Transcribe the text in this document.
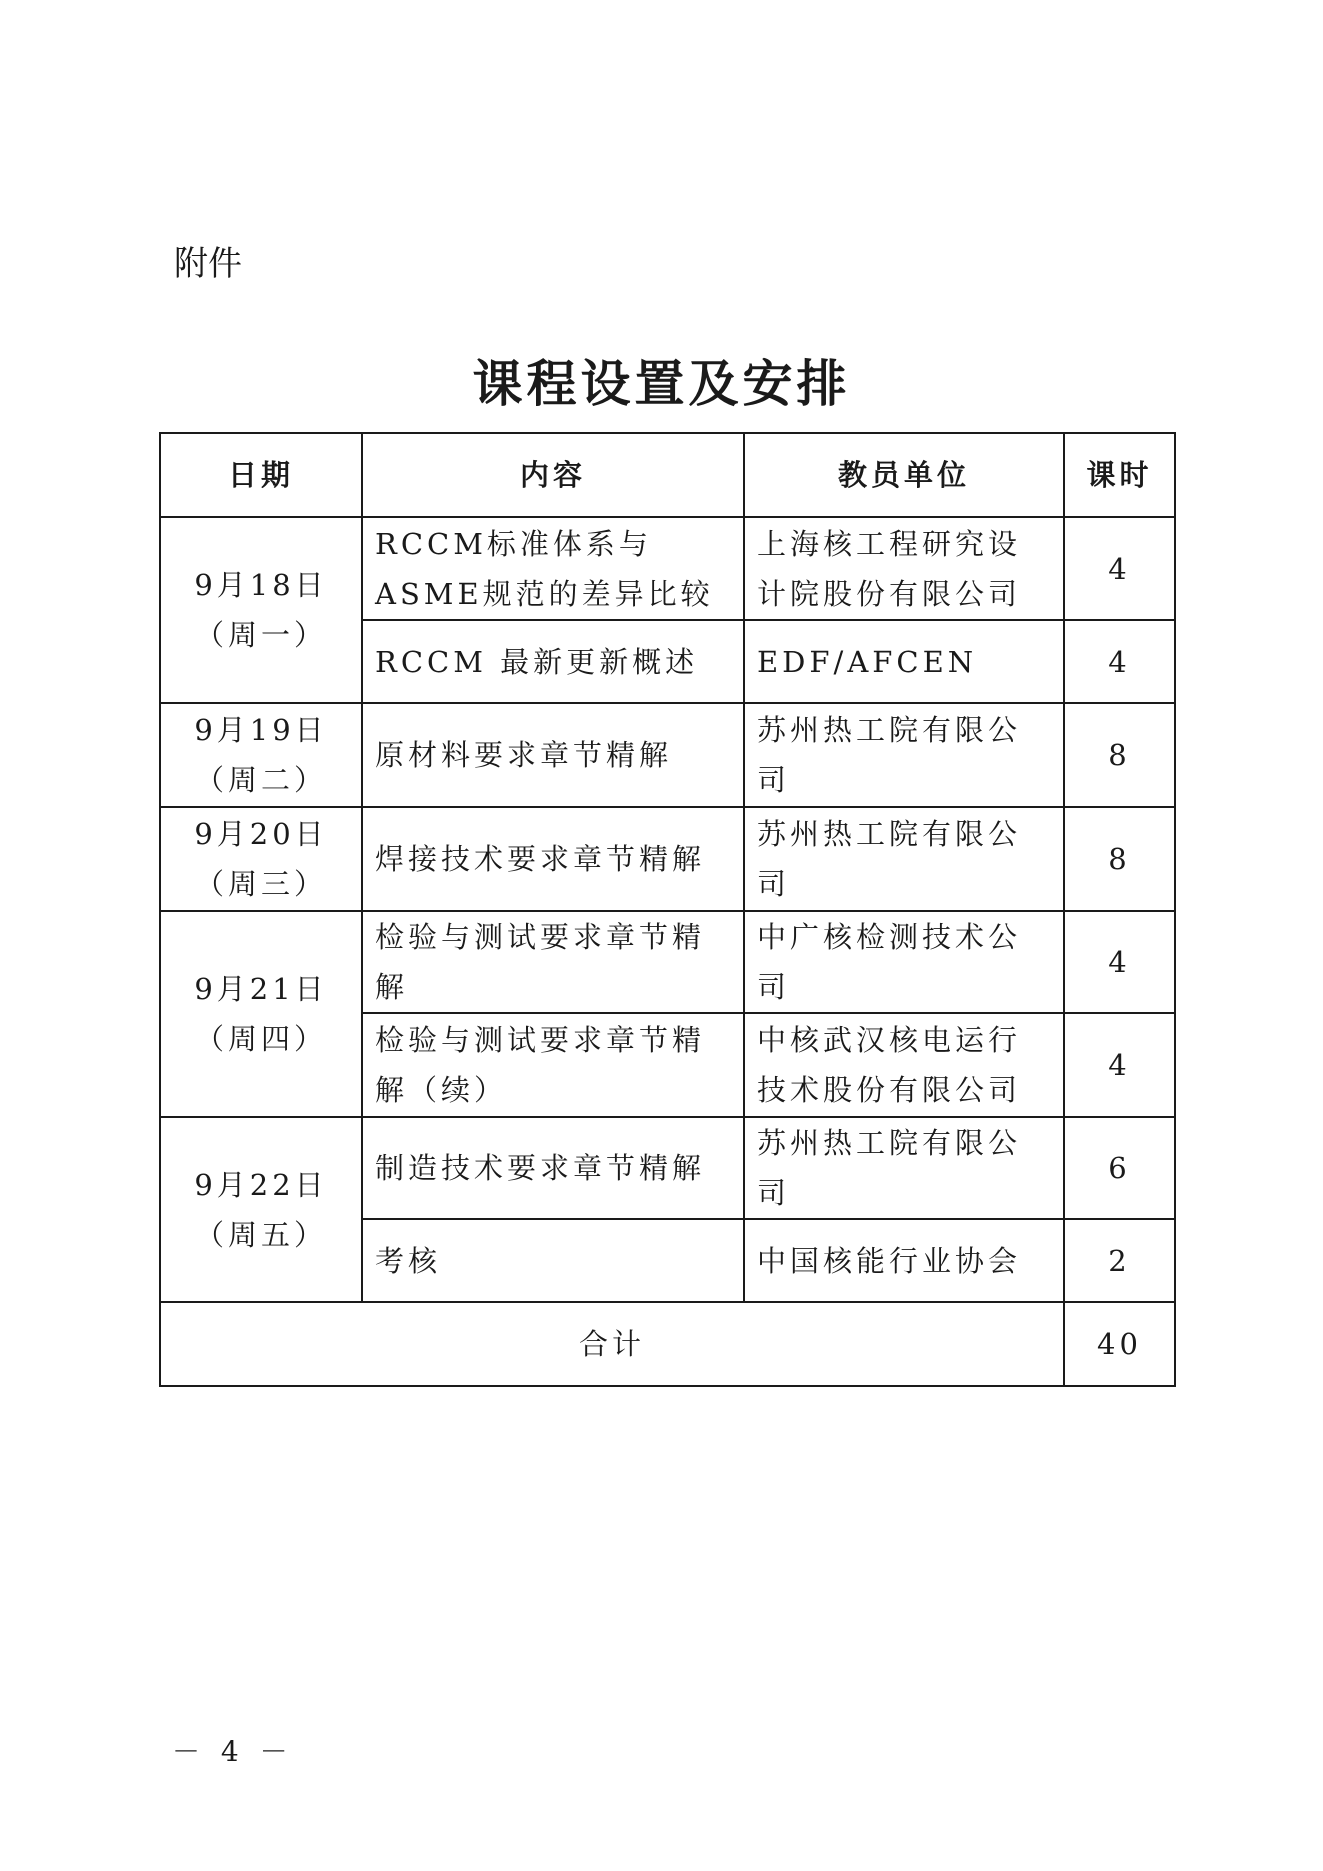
附件
课程设置及安排
日期	内容	教员单位	课时

9月18日
（周一）	RCCM标准体系与ASME规范的差异比较	上海核工程研究设计院股份有限公司	4
	RCCM 最新更新概述	EDF/AFCEN	4

9月19日
（周二）	原材料要求章节精解	苏州热工院有限公司	8

9月20日
（周三）	焊接技术要求章节精解	苏州热工院有限公司	8

9月21日
（周四）	检验与测试要求章节精解	中广核检测技术公司	4
	检验与测试要求章节精解（续）	中核武汉核电运行技术股份有限公司	4

9月22日
（周五）	制造技术要求章节精解	苏州热工院有限公司	6
	考核	中国核能行业协会	2
合计			40
－ 4 －
